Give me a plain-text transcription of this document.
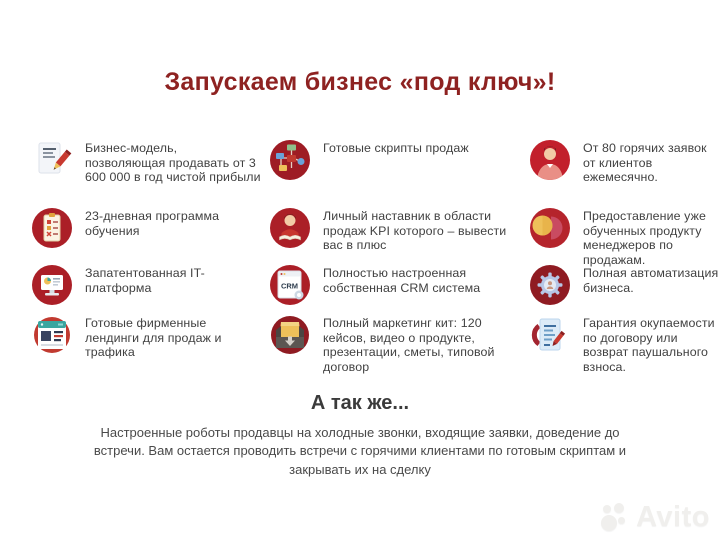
Запускаем бизнес «под ключ»!
Бизнес-модель, позволяющая продавать от 3 600 000 в год чистой прибыли
23-дневная программа обучения
Запатентованная IT-платформа
Готовые фирменные лендинги для продаж и трафика
Готовые скрипты продаж
Личный наставник в области продаж KPI которого – вывести вас в плюс
CRM
Полностью настроенная собственная CRM система
Полный маркетинг кит: 120 кейсов, видео о продукте, презентации, сметы, типовой договор
От 80 горячих заявок от клиентов ежемесячно.
Предоставление уже обученных продукту менеджеров по продажам.
Полная автоматизация бизнеса.
Гарантия окупаемости по договору или возврат паушального взноса.
А так же...

Настроенные роботы продавцы на холодные звонки, входящие заявки, доведение до встречи. Вам остается проводить встречи с горячими клиентами по готовым скриптам и закрывать их на сделку

Avito
